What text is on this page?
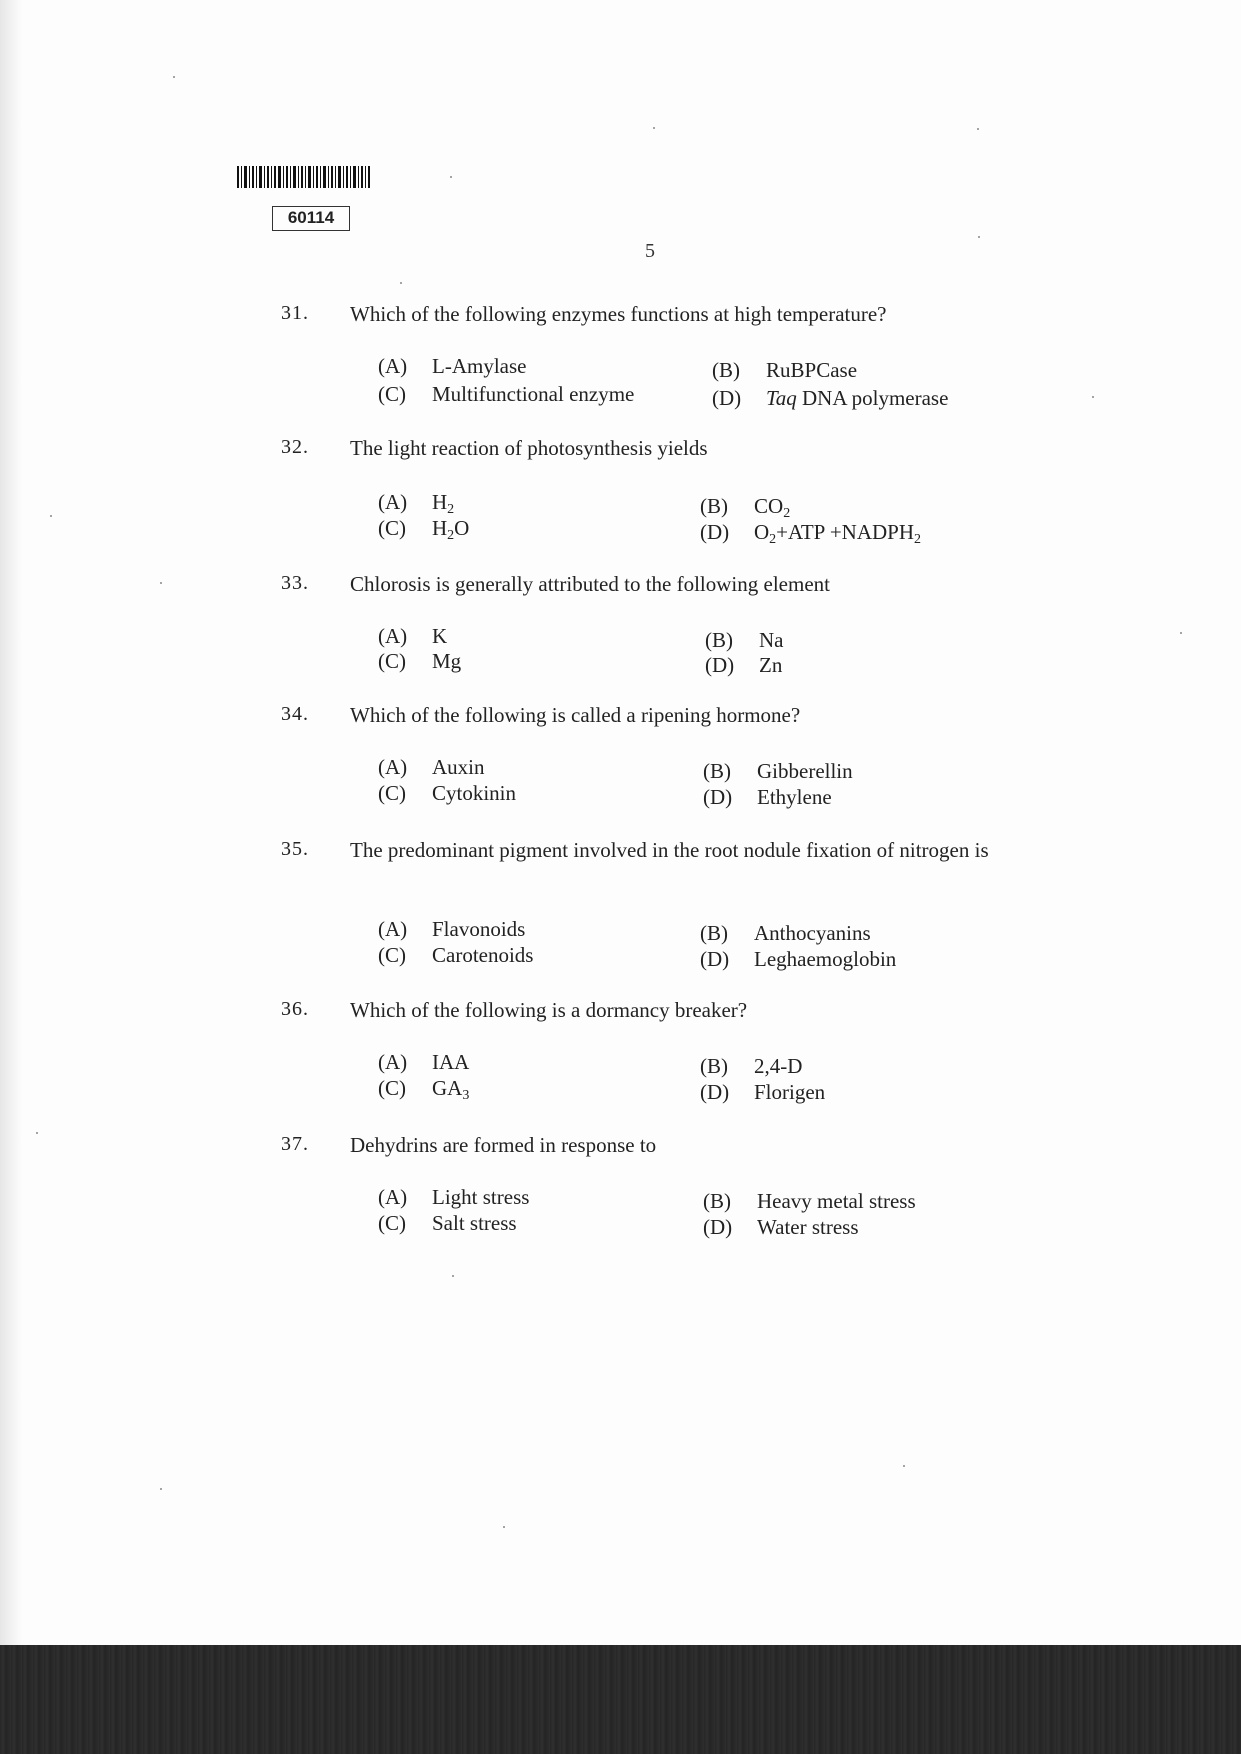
60114
5
31. Which of the following enzymes functions at high temperature?
(A) L-Amylase	(B) RuBPCase
(C) Multifunctional enzyme	(D) Taq DNA polymerase
32. The light reaction of photosynthesis yields
(A) $H_2$	(B) $CO_2$
(C) $H_2O$	(D) $O_2+ATP$ $+NADPH_2$
33. Chlorosis is generally attributed to the following element
(A) K	(B) Na
(C) Mg	(D) Zn
34. Which of the following is called a ripening hormone?
(A) Auxin	(B) Gibberellin
(C) Cytokinin	(D) Ethylene
35. The predominant pigment involved in the root nodule fixation of nitrogen is
(A) Flavonoids	(B) Anthocyanins
(C) Carotenoids	(D) Leghaemoglobin
36. Which of the following is a dormancy breaker?
(A) IAA	(B) 2,4-D
(C) $GA_3$	(D) Florigen
37. Dehydrins are formed in response to
(A) Light stress	(B) Heavy metal stress
(C) Salt stress	(D) Water stress
